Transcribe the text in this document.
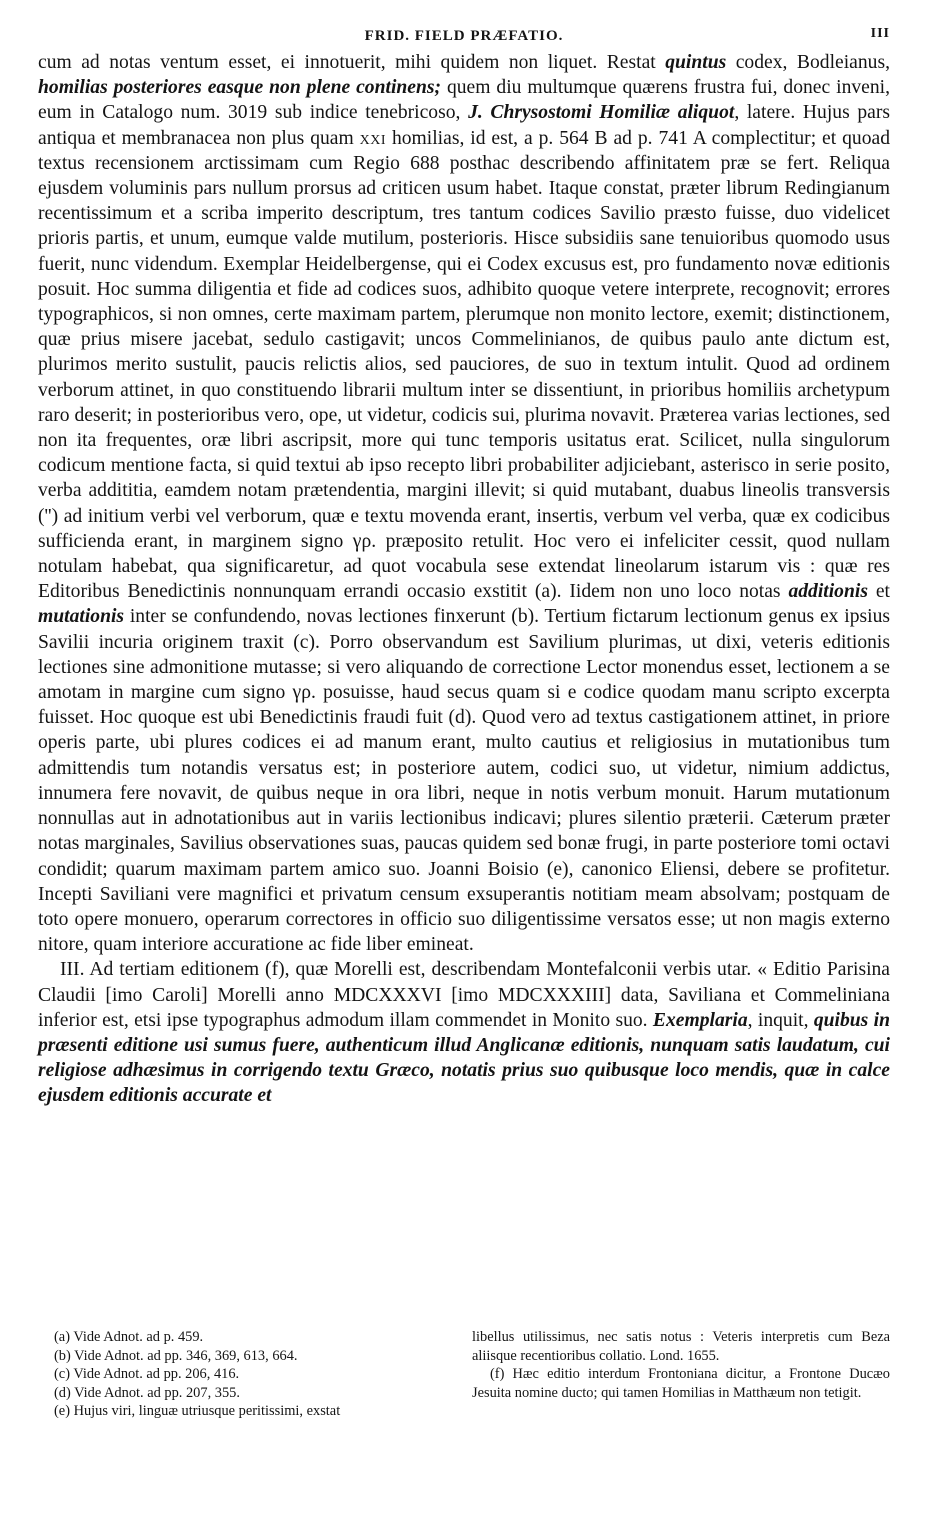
FRID. FIELD PRÆFATIO.	III

cum ad notas ventum esset, ei innotuerit, mihi quidem non liquet. Restat quintus codex, Bodleianus, homilias posteriores easque non plene continens; quem diu multumque quærens frustra fui, donec inveni, eum in Catalogo num. 3019 sub indice tenebricoso, J. Chrysostomi Homiliæ aliquot, latere. Hujus pars antiqua et membranacea non plus quam xxi homilias, id est, a p. 564 B ad p. 741 A complectitur; et quoad textus recensionem arctissimam cum Regio 688 posthac describendo affinitatem præ se fert. Reliqua ejusdem voluminis pars nullum prorsus ad criticen usum habet. Itaque constat, præter librum Redingianum recentissimum et a scriba imperito descriptum, tres tantum codices Savilio præsto fuisse, duo videlicet prioris partis, et unum, eumque valde mutilum, posterioris. Hisce subsidiis sane tenuioribus quomodo usus fuerit, nunc videndum. Exemplar Heidelbergense, qui ei Codex excusus est, pro fundamento novæ editionis posuit. Hoc summa diligentia et fide ad codices suos, adhibito quoque vetere interprete, recognovit; errores typographicos, si non omnes, certe maximam partem, plerumque non monito lectore, exemit; distinctionem, quæ prius misere jacebat, sedulo castigavit; uncos Commelinianos, de quibus paulo ante dictum est, plurimos merito sustulit, paucis relictis alios, sed pauciores, de suo in textum intulit. Quod ad ordinem verborum attinet, in quo constituendo librarii multum inter se dissentiunt, in prioribus homiliis archetypum raro deserit; in posterioribus vero, ope, ut videtur, codicis sui, plurima novavit. Præterea varias lectiones, sed non ita frequentes, oræ libri ascripsit, more qui tunc temporis usitatus erat. Scilicet, nulla singulorum codicum mentione facta, si quid textui ab ipso recepto libri probabiliter adjiciebant, asterisco in serie posito, verba addititia, eamdem notam prætendentia, margini illevit; si quid mutabant, duabus lineolis transversis ('') ad initium verbi vel verborum, quæ e textu movenda erant, insertis, verbum vel verba, quæ ex codicibus sufficienda erant, in marginem signo γρ. præposito retulit. Hoc vero ei infeliciter cessit, quod nullam notulam habebat, qua significaretur, ad quot vocabula sese extendat lineolarum istarum vis : quæ res Editoribus Benedictinis nonnunquam errandi occasio exstitit (a). Iidem non uno loco notas additionis et mutationis inter se confundendo, novas lectiones finxerunt (b). Tertium fictarum lectionum genus ex ipsius Savilii incuria originem traxit (c). Porro observandum est Savilium plurimas, ut dixi, veteris editionis lectiones sine admonitione mutasse; si vero aliquando de correctione Lector monendus esset, lectionem a se amotam in margine cum signo γρ. posuisse, haud secus quam si e codice quodam manu scripto excerpta fuisset. Hoc quoque est ubi Benedictinis fraudi fuit (d). Quod vero ad textus castigationem attinet, in priore operis parte, ubi plures codices ei ad manum erant, multo cautius et religiosius in mutationibus tum admittendis tum notandis versatus est; in posteriore autem, codici suo, ut videtur, nimium addictus, innumera fere novavit, de quibus neque in ora libri, neque in notis verbum monuit. Harum mutationum nonnullas aut in adnotationibus aut in variis lectionibus indicavi; plures silentio præterii. Cæterum præter notas marginales, Savilius observationes suas, paucas quidem sed bonæ frugi, in parte posteriore tomi octavi condidit; quarum maximam partem amico suo. Joanni Boisio (e), canonico Eliensi, debere se profitetur. Incepti Saviliani vere magnifici et privatum censum exsuperantis notitiam meam absolvam; postquam de toto opere monuero, operarum correctores in officio suo diligentissime versatos esse; ut non magis externo nitore, quam interiore accuratione ac fide liber emineat.

III. Ad tertiam editionem (f), quæ Morelli est, describendam Montefalconii verbis utar. « Editio Parisina Claudii [imo Caroli] Morelli anno MDCXXXVI [imo MDCXXXIII] data, Saviliana et Commeliniana inferior est, etsi ipse typographus admodum illam commendet in Monito suo. Exemplaria, inquit, quibus in præsenti editione usi sumus fuere, authenticum illud Anglicanæ editionis, nunquam satis laudatum, cui religiose adhæsimus in corrigendo textu Græco, notatis prius suo quibusque loco mendis, quæ in calce ejusdem editionis accurate et

(a) Vide Adnot. ad p. 459.

(b) Vide Adnot. ad pp. 346, 369, 613, 664.

(c) Vide Adnot. ad pp. 206, 416.

(d) Vide Adnot. ad pp. 207, 355.

(e) Hujus viri, linguæ utriusque peritissimi, exstat

libellus utilissimus, nec satis notus : Veteris interpretis cum Beza aliisque recentioribus collatio. Lond. 1655.

(f) Hæc editio interdum Frontoniana dicitur, a Frontone Ducæo Jesuita nomine ducto; qui tamen Homilias in Matthæum non tetigit.
